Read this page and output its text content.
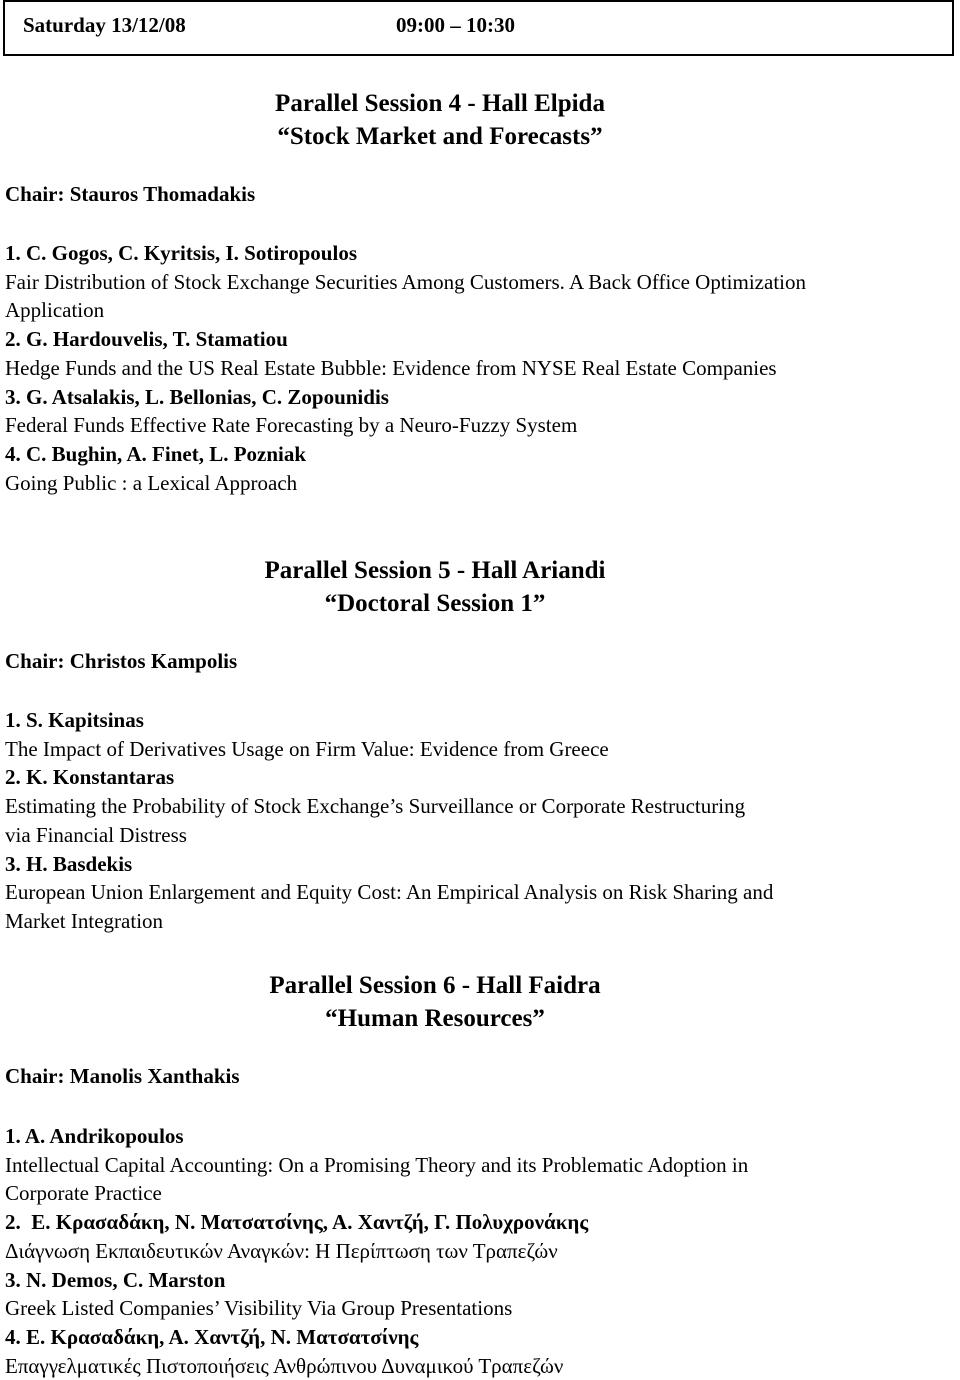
Saturday 13/12/08	09:00 – 10:30
Parallel Session 4 - Hall Elpida
“Stock Market and Forecasts”
Chair: Stauros Thomadakis
1. C. Gogos, C. Kyritsis, I. Sotiropoulos
Fair Distribution of Stock Exchange Securities Among Customers. A Back Office Optimization Application
2. G. Hardouvelis, T. Stamatiou
Hedge Funds and the US Real Estate Bubble: Evidence from NYSE Real Estate Companies
3. G. Atsalakis, L. Bellonias, C. Zopounidis
Federal Funds Effective Rate Forecasting by a Neuro-Fuzzy System
4. C. Bughin, A. Finet, L. Pozniak
Going Public : a Lexical Approach
Parallel Session 5 - Hall Ariandi
“Doctoral Session 1”
Chair: Christos Kampolis
1. S. Kapitsinas
The Impact of Derivatives Usage on Firm Value: Evidence from Greece
2. K. Konstantaras
Estimating the Probability of Stock Exchange’s Surveillance or Corporate Restructuring via Financial Distress
3. H. Basdekis
European Union Enlargement and Equity Cost: An Empirical Analysis on Risk Sharing and Market Integration
Parallel Session 6 - Hall Faidra
“Human Resources”
Chair: Manolis Xanthakis
1. A. Andrikopoulos
Intellectual Capital Accounting: On a Promising Theory and its Problematic Adoption in Corporate Practice
2.  Ε. Κρασαδάκη, Ν. Ματσατσίνης, Α. Χαντζή, Γ. Πολυχρονάκης
Διάγνωση Εκπαιδευτικών Αναγκών: Η Περίπτωση των Τραπεζών
3. N. Demos, C. Marston
Greek Listed Companies’ Visibility Via Group Presentations
4. Ε. Κρασαδάκη, Α. Χαντζή, Ν. Ματσατσίνης
Επαγγελματικές Πιστοποιήσεις Ανθρώπινου Δυναμικού Τραπεζών
